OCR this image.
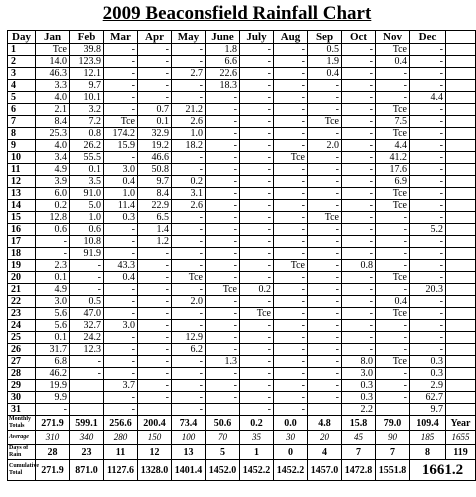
2009 Beaconsfield Rainfall Chart
Day	Jan	Feb	Mar	Apr	May	June	July	Aug	Sep	Oct	Nov	Dec	
1	Tce	39.8	-	-	-	1.8	-	-	0.5	-	Tce	-	
2	14.0	123.9	-	-	-	6.6	-	-	1.9	-	0.4	-	
3	46.3	12.1	-	-	2.7	22.6	-	-	0.4	-	-	-	
4	3.3	9.7	-	-	-	18.3	-	-	-	-	-	-	
5	4.0	10.1	-	-	-	-	-	-	-	-	-	4.4	
6	2.1	3.2	-	0.7	21.2	-	-	-	-	-	Tce	-	
7	8.4	7.2	Tce	0.1	2.6	-	-	-	Tce	-	7.5	-	
8	25.3	0.8	174.2	32.9	1.0	-	-	-	-	-	Tce	-	
9	4.0	26.2	15.9	19.2	18.2	-	-	-	2.0	-	4.4	-	
10	3.4	55.5	-	46.6	-	-	-	Tce	-	-	41.2	-	
11	4.9	0.1	3.0	50.8	-	-	-	-	-	-	17.6	-	
12	3.9	3.5	0.4	9.7	0.2	-	-	-	-	-	6.9	-	
13	6.0	91.0	1.0	8.4	3.1	-	-	-	-	-	Tce	-	
14	0.2	5.0	11.4	22.9	2.6	-	-	-	-	-	Tce	-	
15	12.8	1.0	0.3	6.5	-	-	-	-	Tce	-	-	-	
16	0.6	0.6	-	1.4	-	-	-	-	-	-	-	5.2	
17	-	10.8	-	1.2	-	-	-	-	-	-	-	-	
18	-	91.9	-	-	-	-	-	-	-	-	-	-	
19	2.3	-	43.3	-	-	-	-	Tce	-	0.8	-	-	
20	0.1	-	0.4	-	Tce	-	-	-	-	-	Tce	-	
21	4.9	-	-	-	-	Tce	0.2	-	-	-	-	20.3	
22	3.0	0.5	-	-	2.0	-	-	-	-	-	0.4	-	
23	5.6	47.0	-	-	-	-	Tce	-	-	-	Tce	-	
24	5.6	32.7	3.0	-	-	-	-	-	-	-	-	-	
25	0.1	24.2	-	-	12.9	-	-	-	-	-	-	-	
26	31.7	12.3	-	-	6.2	-	-	-	-	-	-	-	
27	6.8	-	-	-	-	1.3	-	-	-	8.0	Tce	0.3	
28	46.2	-	-	-	-	-	-	-	-	3.0	-	0.3	
29	19.9		3.7	-	-	-	-	-	-	0.3	-	2.9	
30	9.9		-	-	-	-	-	-	-	0.3	-	62.7	
31	-		-		-		-	-		2.2		9.7	
Monthly Totals	271.9	599.1	256.6	200.4	73.4	50.6	0.2	0.0	4.8	15.8	79.0	109.4	Year
Average	310	340	280	150	100	70	35	30	20	45	90	185	1655
Days of Rain	28	23	11	12	13	5	1	0	4	7	7	8	119
Cumulative Total	271.9	871.0	1127.6	1328.0	1401.4	1452.0	1452.2	1452.2	1457.0	1472.8	1551.8	1661.2	
